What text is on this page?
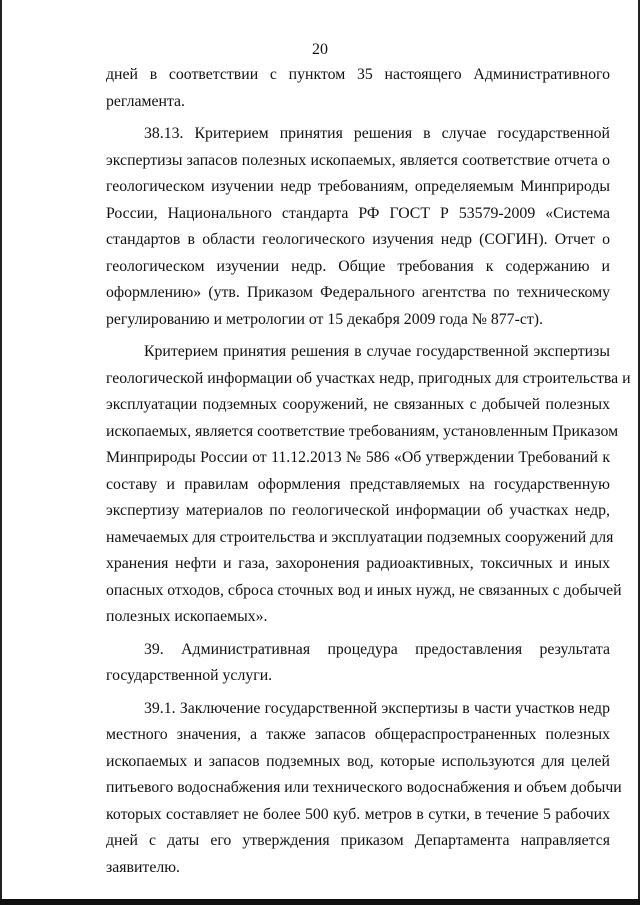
20
дней в соответствии с пунктом 35 настоящего Административного
регламента.
38.13. Критерием принятия решения в случае государственной
экспертизы запасов полезных ископаемых, является соответствие отчета о
геологическом изучении недр требованиям, определяемым Минприроды
России, Национального стандарта РФ ГОСТ Р 53579-2009 «Система
стандартов в области геологического изучения недр (СОГИН). Отчет о
геологическом изучении недр. Общие требования к содержанию и
оформлению» (утв. Приказом Федерального агентства по техническому
регулированию и метрологии от 15 декабря 2009 года № 877-ст).
Критерием принятия решения в случае государственной экспертизы
геологической информации об участках недр, пригодных для строительства и
эксплуатации подземных сооружений, не связанных с добычей полезных
ископаемых, является соответствие требованиям, установленным Приказом
Минприроды России от 11.12.2013 № 586 «Об утверждении Требований к
составу и правилам оформления представляемых на государственную
экспертизу материалов по геологической информации об участках недр,
намечаемых для строительства и эксплуатации подземных сооружений для
хранения нефти и газа, захоронения радиоактивных, токсичных и иных
опасных отходов, сброса сточных вод и иных нужд, не связанных с добычей
полезных ископаемых».
39. Административная процедура предоставления результата
государственной услуги.
39.1. Заключение государственной экспертизы в части участков недр
местного значения, а также запасов общераспространенных полезных
ископаемых и запасов подземных вод, которые используются для целей
питьевого водоснабжения или технического водоснабжения и объем добычи
которых составляет не более 500 куб. метров в сутки, в течение 5 рабочих
дней с даты его утверждения приказом Департамента направляется
заявителю.
